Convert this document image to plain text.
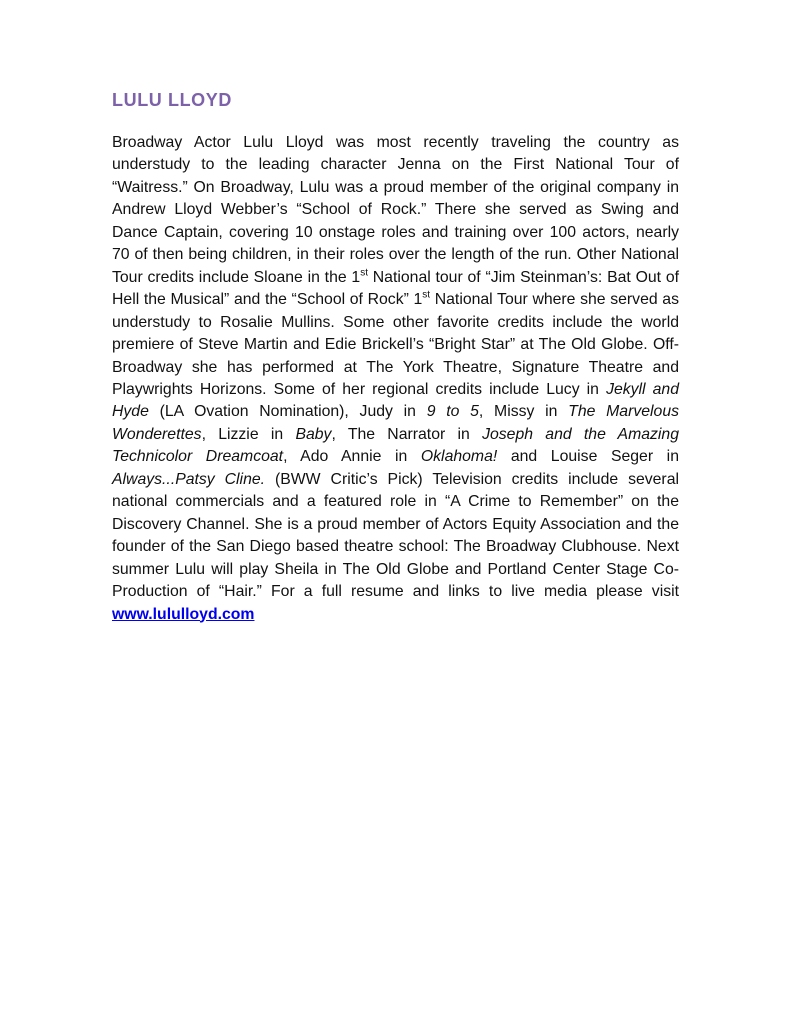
LULU LLOYD

Broadway Actor Lulu Lloyd was most recently traveling the country as understudy to the leading character Jenna on the First National Tour of “Waitress.” On Broadway, Lulu was a proud member of the original company in Andrew Lloyd Webber’s “School of Rock.” There she served as Swing and Dance Captain, covering 10 onstage roles and training over 100 actors, nearly 70 of then being children, in their roles over the length of the run. Other National Tour credits include Sloane in the 1st National tour of “Jim Steinman’s: Bat Out of Hell the Musical” and the “School of Rock” 1st National Tour where she served as understudy to Rosalie Mullins. Some other favorite credits include the world premiere of Steve Martin and Edie Brickell’s “Bright Star” at The Old Globe. Off- Broadway she has performed at The York Theatre, Signature Theatre and Playwrights Horizons. Some of her regional credits include Lucy in Jekyll and Hyde (LA Ovation Nomination), Judy in 9 to 5, Missy in The Marvelous Wonderettes, Lizzie in Baby, The Narrator in Joseph and the Amazing Technicolor Dreamcoat, Ado Annie in Oklahoma! and Louise Seger in Always...Patsy Cline. (BWW Critic’s Pick) Television credits include several national commercials and a featured role in “A Crime to Remember” on the Discovery Channel. She is a proud member of Actors Equity Association and the founder of the San Diego based theatre school: The Broadway Clubhouse. Next summer Lulu will play Sheila in The Old Globe and Portland Center Stage Co-Production of “Hair.” For a full resume and links to live media please visit www.lululloyd.com
